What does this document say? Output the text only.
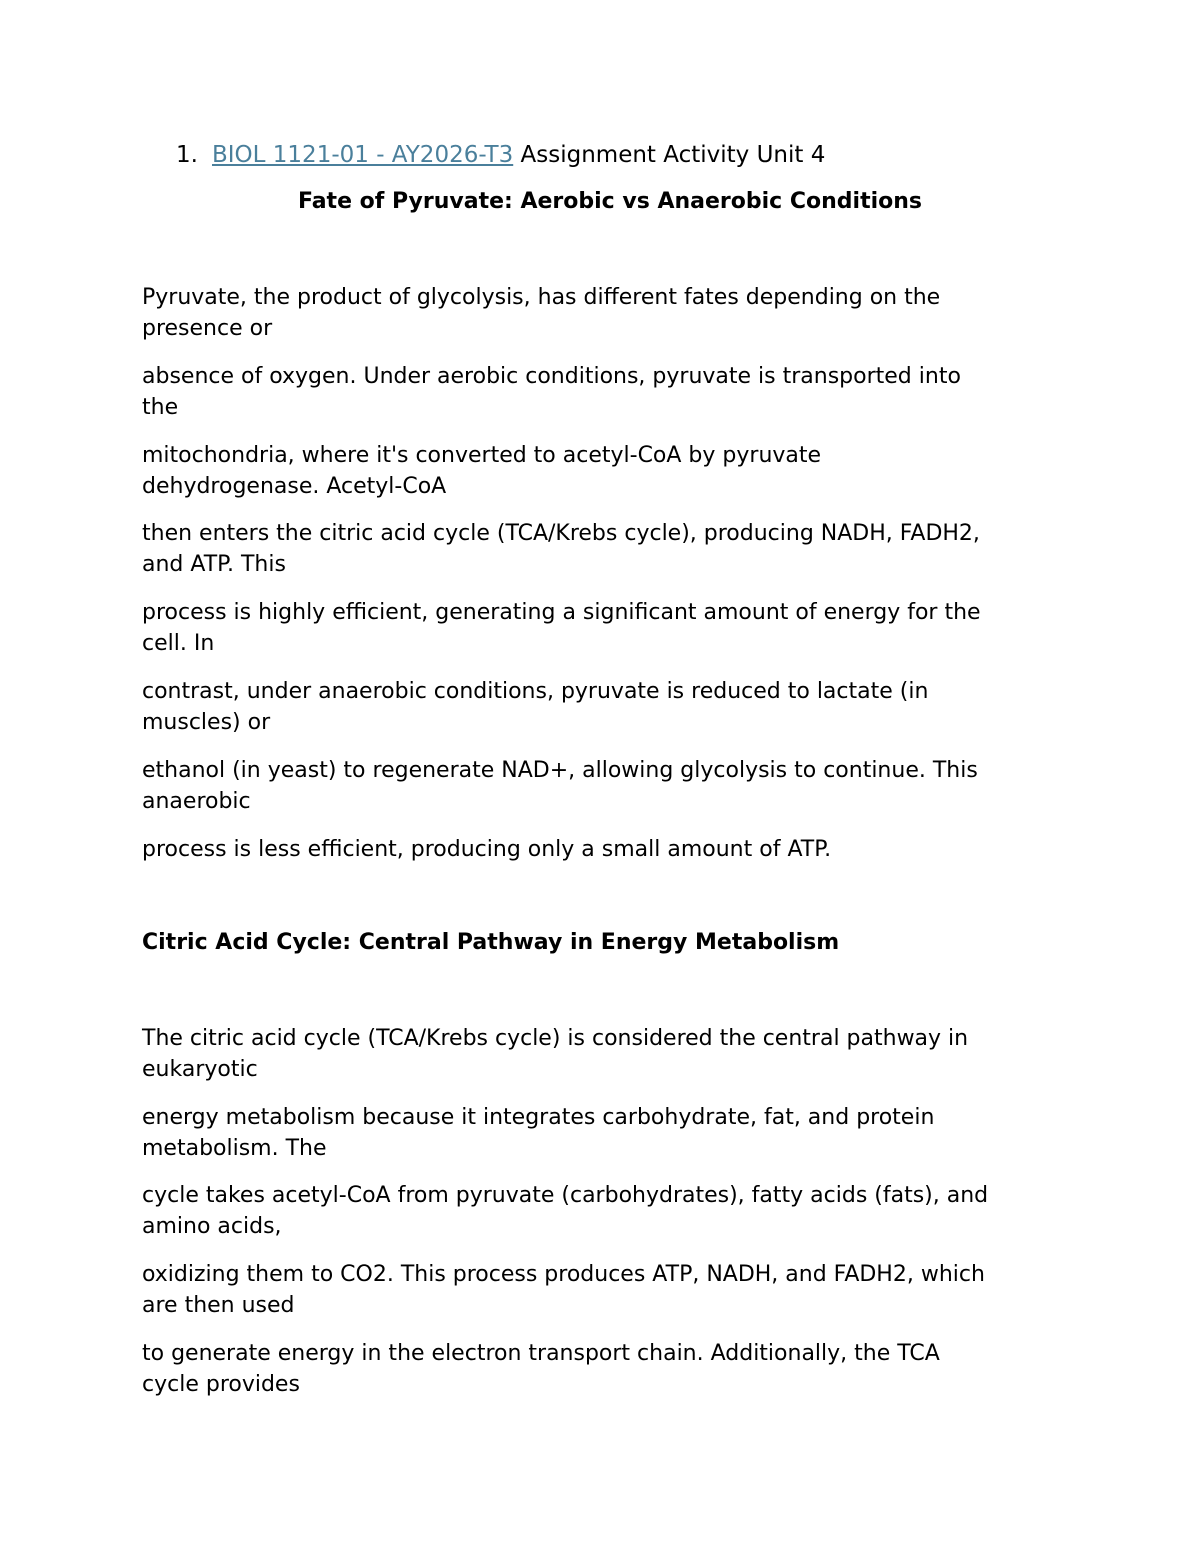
1. BIOL 1121-01 - AY2026-T3 Assignment Activity Unit 4
Fate of Pyruvate: Aerobic vs Anaerobic Conditions

Pyruvate, the product of glycolysis, has different fates depending on the
presence or

absence of oxygen. Under aerobic conditions, pyruvate is transported into
the

mitochondria, where it's converted to acetyl-CoA by pyruvate
dehydrogenase. Acetyl-CoA

then enters the citric acid cycle (TCA/Krebs cycle), producing NADH, FADH2,
and ATP. This

process is highly efficient, generating a significant amount of energy for the
cell. In

contrast, under anaerobic conditions, pyruvate is reduced to lactate (in
muscles) or

ethanol (in yeast) to regenerate NAD+, allowing glycolysis to continue. This
anaerobic

process is less efficient, producing only a small amount of ATP.

Citric Acid Cycle: Central Pathway in Energy Metabolism

The citric acid cycle (TCA/Krebs cycle) is considered the central pathway in
eukaryotic

energy metabolism because it integrates carbohydrate, fat, and protein
metabolism. The

cycle takes acetyl-CoA from pyruvate (carbohydrates), fatty acids (fats), and
amino acids,

oxidizing them to CO2. This process produces ATP, NADH, and FADH2, which
are then used

to generate energy in the electron transport chain. Additionally, the TCA
cycle provides
